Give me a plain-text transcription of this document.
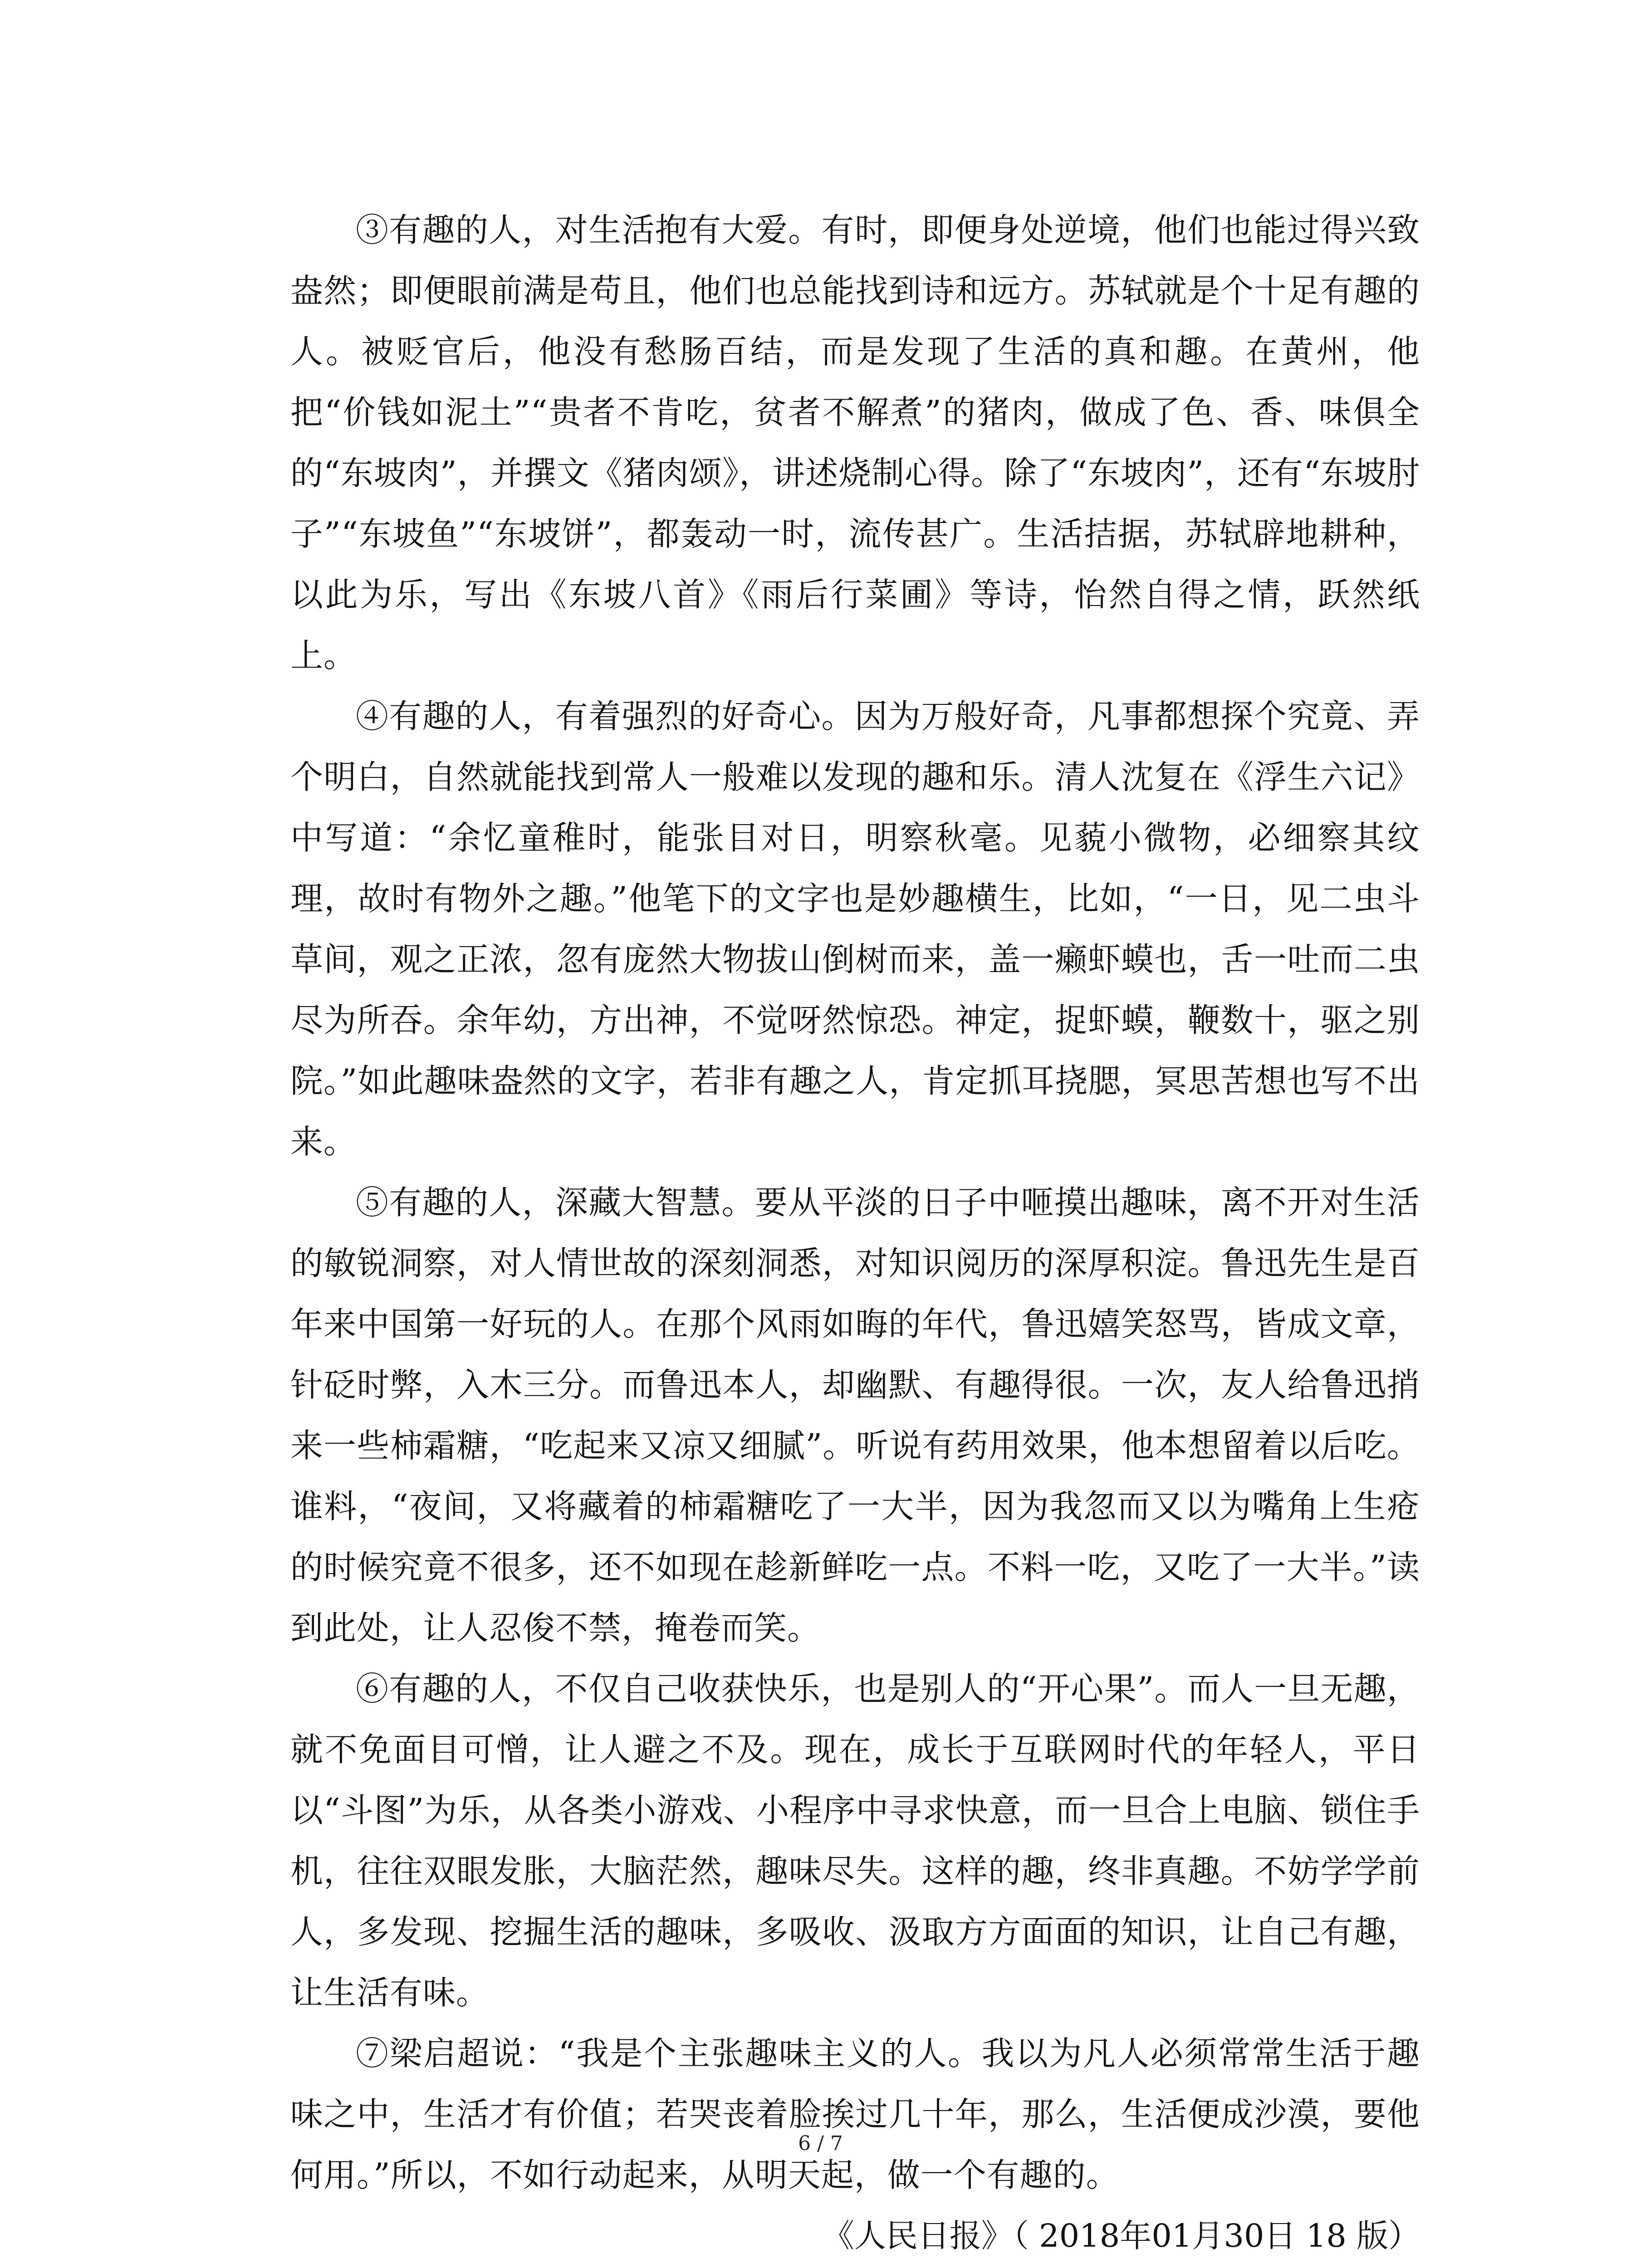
③有趣的人，对生活抱有大爱。有时，即便身处逆境，他们也能过得兴致盎然；即便眼前满是苟且，他们也总能找到诗和远方。苏轼就是个十足有趣的人。被贬官后，他没有愁肠百结，而是发现了生活的真和趣。在黄州，他把“价钱如泥土”“贵者不肯吃，贫者不解煮”的猪肉，做成了色、香、味俱全的“东坡肉”，并撰文《猪肉颂》，讲述烧制心得。除了“东坡肉”，还有“东坡肘子”“东坡鱼”“东坡饼”，都轰动一时，流传甚广。生活拮据，苏轼辟地耕种，以此为乐，写出《东坡八首》《雨后行菜圃》等诗，怡然自得之情，跃然纸上。

④有趣的人，有着强烈的好奇心。因为万般好奇，凡事都想探个究竟、弄个明白，自然就能找到常人一般难以发现的趣和乐。清人沈复在《浮生六记》中写道：“余忆童稚时，能张目对日，明察秋毫。见藐小微物，必细察其纹理，故时有物外之趣。”他笔下的文字也是妙趣横生，比如，“一日，见二虫斗草间，观之正浓，忽有庞然大物拔山倒树而来，盖一癞虾蟆也，舌一吐而二虫尽为所吞。余年幼，方出神，不觉呀然惊恐。神定，捉虾蟆，鞭数十，驱之别院。”如此趣味盎然的文字，若非有趣之人，肯定抓耳挠腮，冥思苦想也写不出来。

⑤有趣的人，深藏大智慧。要从平淡的日子中咂摸出趣味，离不开对生活的敏锐洞察，对人情世故的深刻洞悉，对知识阅历的深厚积淀。鲁迅先生是百年来中国第一好玩的人。在那个风雨如晦的年代，鲁迅嬉笑怒骂，皆成文章，针砭时弊，入木三分。而鲁迅本人，却幽默、有趣得很。一次，友人给鲁迅捎来一些柿霜糖，“吃起来又凉又细腻”。听说有药用效果，他本想留着以后吃。谁料，“夜间，又将藏着的柿霜糖吃了一大半，因为我忽而又以为嘴角上生疮的时候究竟不很多，还不如现在趁新鲜吃一点。不料一吃，又吃了一大半。”读到此处，让人忍俊不禁，掩卷而笑。

⑥有趣的人，不仅自己收获快乐，也是别人的“开心果”。而人一旦无趣，就不免面目可憎，让人避之不及。现在，成长于互联网时代的年轻人，平日以“斗图”为乐，从各类小游戏、小程序中寻求快意，而一旦合上电脑、锁住手机，往往双眼发胀，大脑茫然，趣味尽失。这样的趣，终非真趣。不妨学学前人，多发现、挖掘生活的趣味，多吸收、汲取方方面面的知识，让自己有趣，让生活有味。

⑦梁启超说：“我是个主张趣味主义的人。我以为凡人必须常常生活于趣味之中，生活才有价值；若哭丧着脸挨过几十年，那么，生活便成沙漠，要他何用。”所以，不如行动起来，从明天起，做一个有趣的。

《人民日报》（ 2018年01月30日 18 版）

6 / 7
